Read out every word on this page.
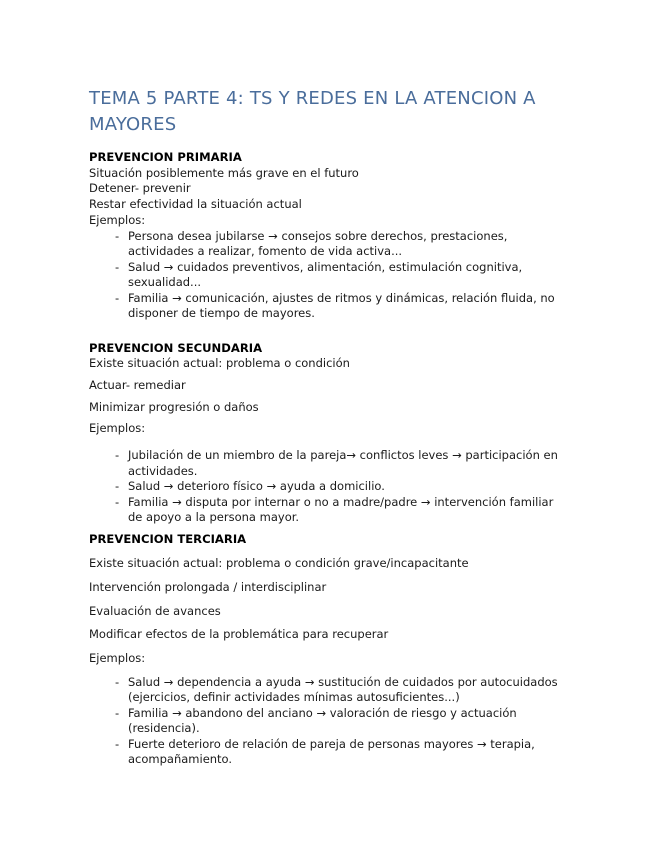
TEMA 5 PARTE 4: TS Y REDES EN LA ATENCION A MAYORES
PREVENCION PRIMARIA

Situación posiblemente más grave en el futuro

Detener- prevenir

Restar efectividad la situación actual

Ejemplos:

- Persona desea jubilarse → consejos sobre derechos, prestaciones, actividades a realizar, fomento de vida activa...
- Salud → cuidados preventivos, alimentación, estimulación cognitiva, sexualidad...
- Familia → comunicación, ajustes de ritmos y dinámicas, relación fluida, no disponer de tiempo de mayores.
PREVENCION SECUNDARIA

Existe situación actual: problema o condición

Actuar- remediar

Minimizar progresión o daños

Ejemplos:

- Jubilación de un miembro de la pareja→ conflictos leves → participación en actividades.
- Salud → deterioro físico → ayuda a domicilio.
- Familia → disputa por internar o no a madre/padre → intervención familiar de apoyo a la persona mayor.
PREVENCION TERCIARIA

Existe situación actual: problema o condición grave/incapacitante

Intervención prolongada / interdisciplinar

Evaluación de avances

Modificar efectos de la problemática para recuperar

Ejemplos:

- Salud → dependencia a ayuda → sustitución de cuidados por autocuidados (ejercicios, definir actividades mínimas autosuficientes...)
- Familia → abandono del anciano → valoración de riesgo y actuación (residencia).
- Fuerte deterioro de relación de pareja de personas mayores → terapia, acompañamiento.
